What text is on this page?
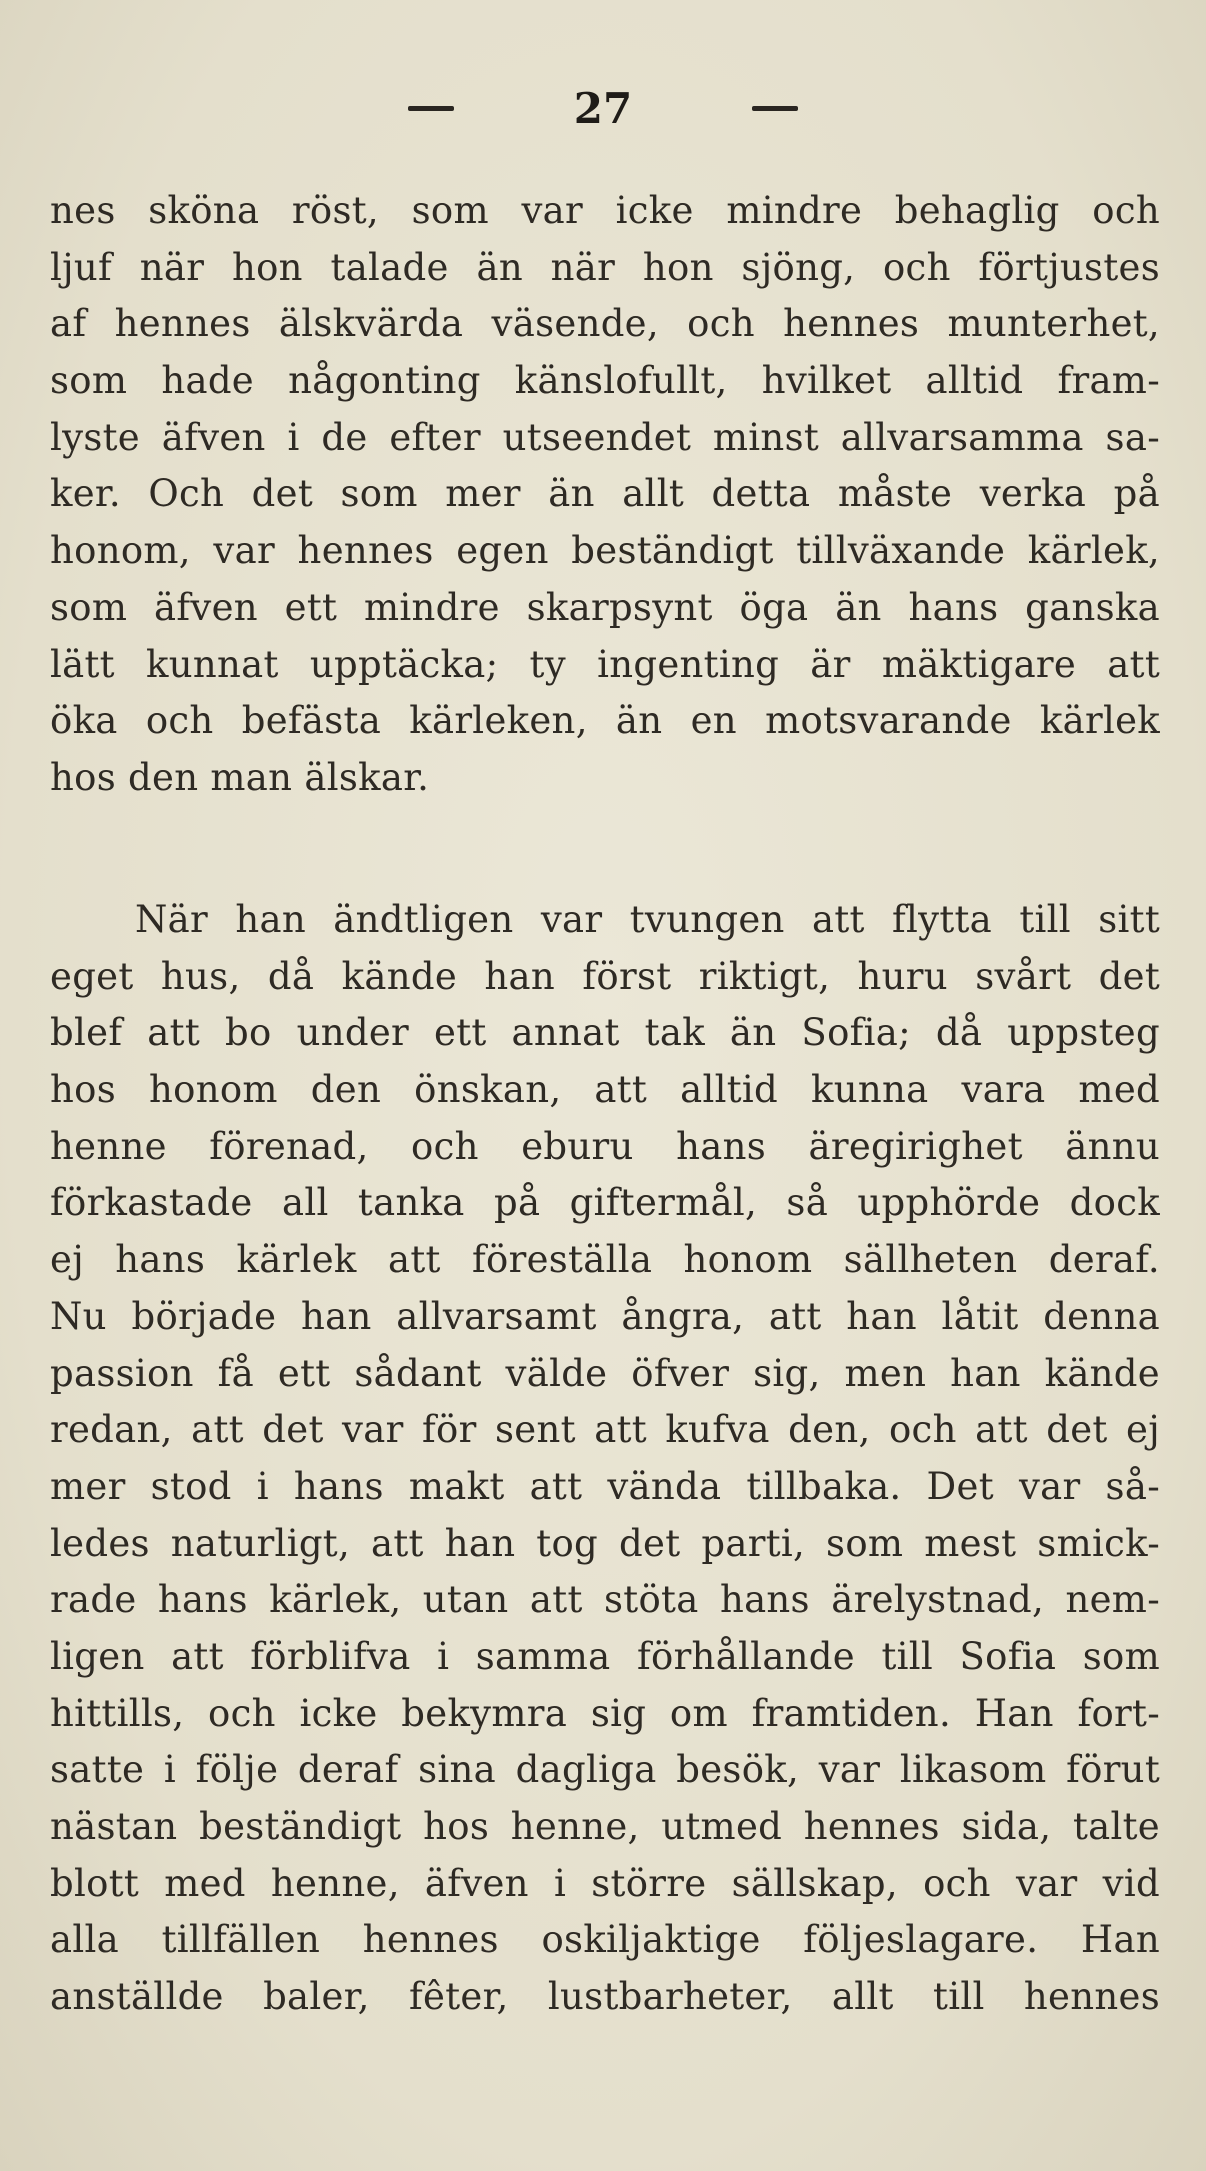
27
nes sköna röst, som var icke mindre behaglig och
ljuf när hon talade än när hon sjöng, och förtjustes
af hennes älskvärda väsende, och hennes munterhet,
som hade någonting känslofullt, hvilket alltid fram-
lyste äfven i de efter utseendet minst allvarsamma sa-
ker. Och det som mer än allt detta måste verka på
honom, var hennes egen beständigt tillväxande kärlek,
som äfven ett mindre skarpsynt öga än hans ganska
lätt kunnat upptäcka; ty ingenting är mäktigare att
öka och befästa kärleken, än en motsvarande kärlek
hos den man älskar.
När han ändtligen var tvungen att flytta till sitt
eget hus, då kände han först riktigt, huru svårt det
blef att bo under ett annat tak än Sofia; då uppsteg
hos honom den önskan, att alltid kunna vara med
henne förenad, och eburu hans äregirighet ännu
förkastade all tanka på giftermål, så upphörde dock
ej hans kärlek att föreställa honom sällheten deraf.
Nu började han allvarsamt ångra, att han låtit denna
passion få ett sådant välde öfver sig, men han kände
redan, att det var för sent att kufva den, och att det ej
mer stod i hans makt att vända tillbaka. Det var så-
ledes naturligt, att han tog det parti, som mest smick-
rade hans kärlek, utan att stöta hans ärelystnad, nem-
ligen att förblifva i samma förhållande till Sofia som
hittills, och icke bekymra sig om framtiden. Han fort-
satte i följe deraf sina dagliga besök, var likasom förut
nästan beständigt hos henne, utmed hennes sida, talte
blott med henne, äfven i större sällskap, och var vid
alla tillfällen hennes oskiljaktige följeslagare. Han
anställde baler, fêter, lustbarheter, allt till hennes
